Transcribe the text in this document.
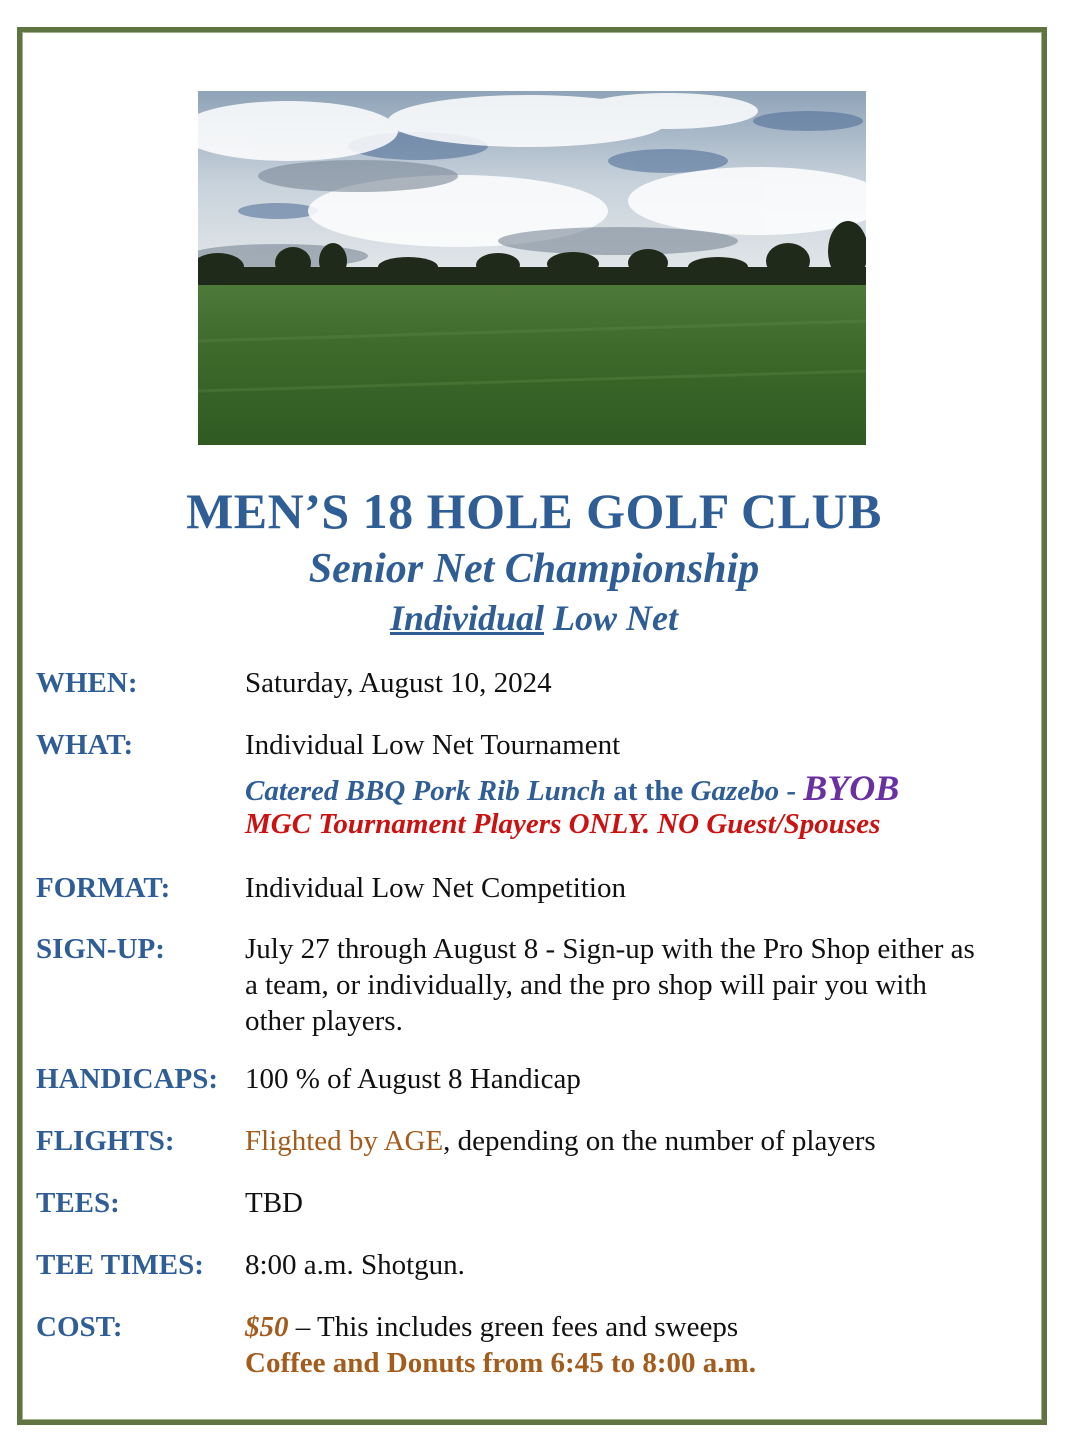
MEN’S 18 HOLE GOLF CLUB
Senior Net Championship
Individual Low Net
WHEN:	Saturday, August 10, 2024
WHAT:	Individual Low Net Tournament
Catered BBQ Pork Rib Lunch at the Gazebo - BYOB
MGC Tournament Players ONLY. NO Guest/Spouses
FORMAT:	Individual Low Net Competition
SIGN-UP:	July 27 through August 8 - Sign-up with the Pro Shop either as
a team, or individually, and the pro shop will pair you with
other players.
HANDICAPS: 100 % of August 8 Handicap
FLIGHTS: Flighted by AGE, depending on the number of players
TEES:	TBD
TEE TIMES: 8:00 a.m. Shotgun.
COST:	$50 – This includes green fees and sweeps
Coffee and Donuts from 6:45 to 8:00 a.m.
